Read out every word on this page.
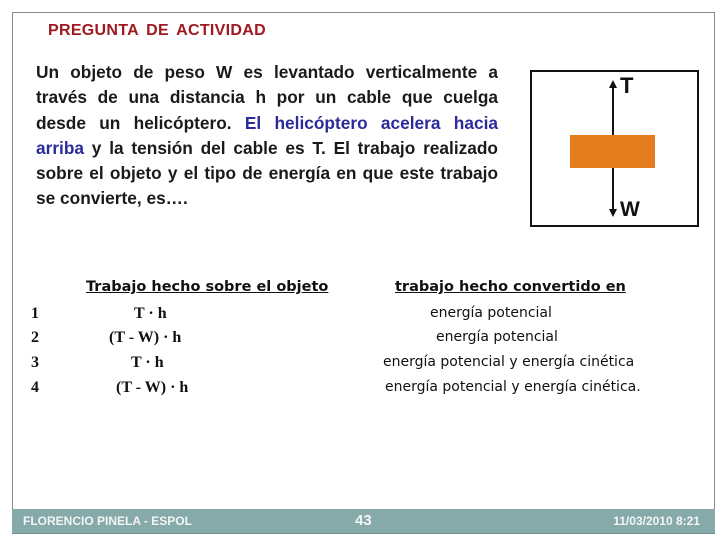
PREGUNTA DE ACTIVIDAD
Un objeto de peso W es levantado verticalmente a través de una distancia h por un cable que cuelga desde un helicóptero. El helicóptero acelera hacia arriba y la tensión del cable es T. El trabajo realizado sobre el objeto y el tipo de energía en que este trabajo se convierte, es….
T
W
Trabajo hecho sobre el objeto	trabajo hecho convertido en
1	T · h	energía potencial
2	(T - W) · h	energía potencial
3	T · h	energía potencial y energía cinética
4	(T - W) · h	energía potencial y energía cinética.
FLORENCIO PINELA - ESPOL	43	11/03/2010 8:21
